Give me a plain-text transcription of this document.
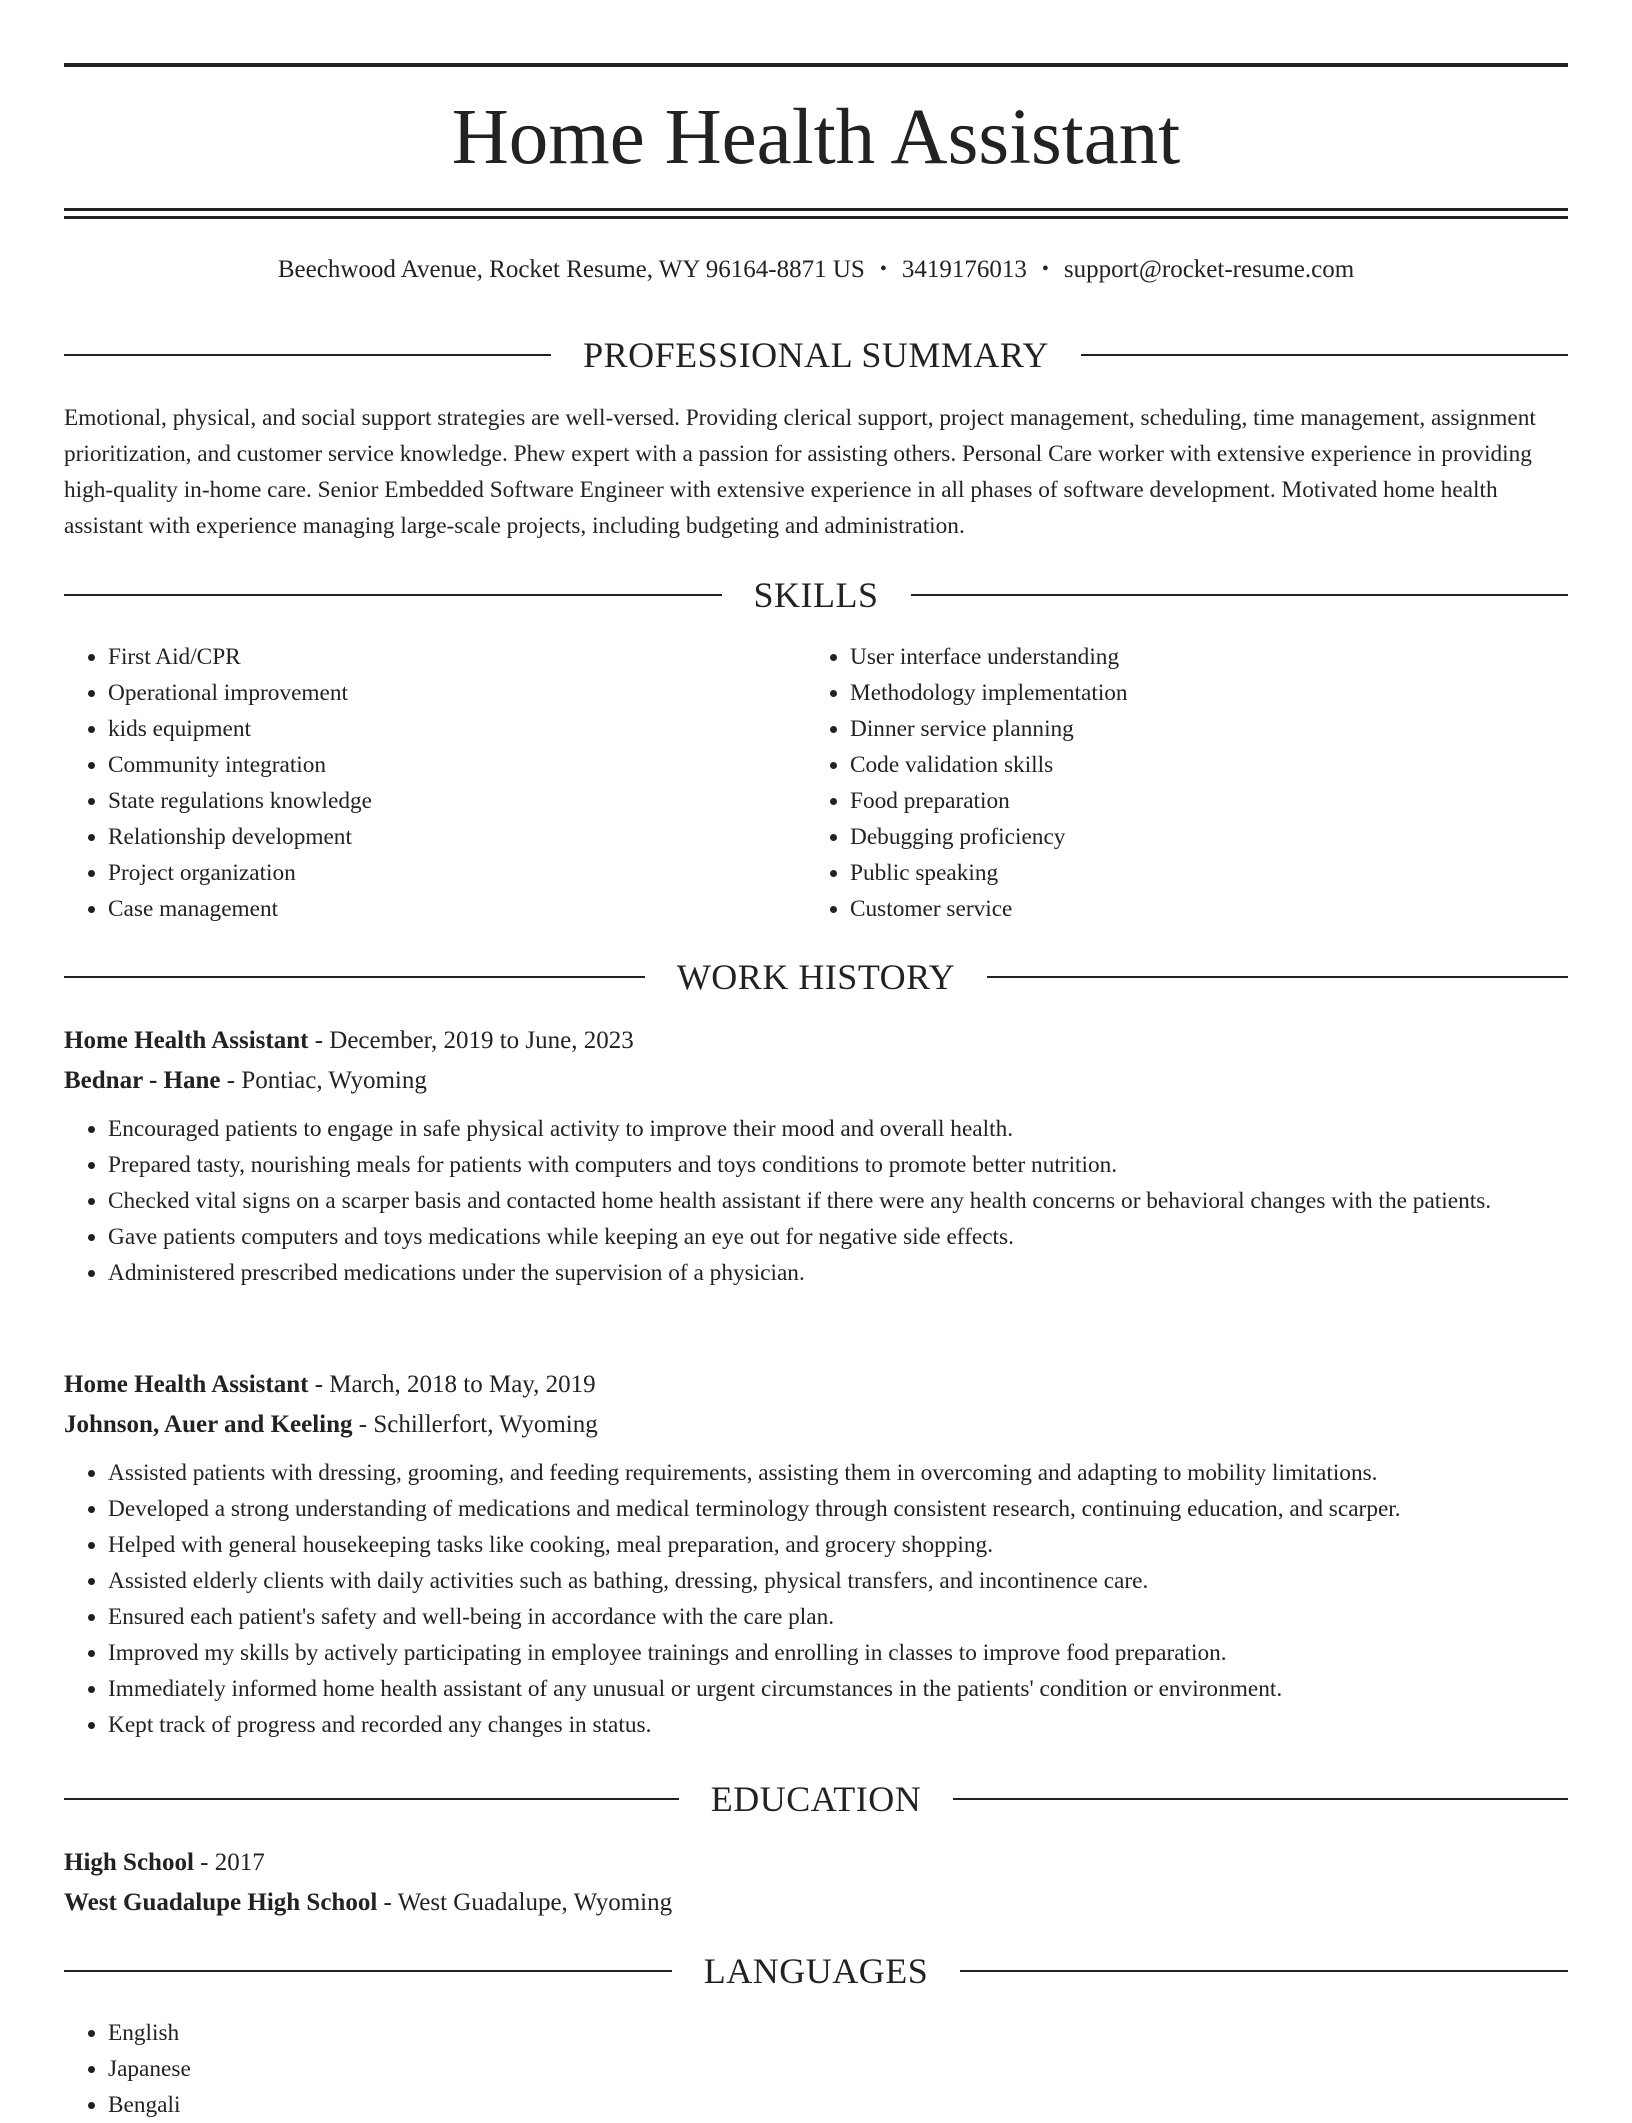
Home Health Assistant
Beechwood Avenue, Rocket Resume, WY 96164-8871 US • 3419176013 • support@rocket-resume.com
PROFESSIONAL SUMMARY

Emotional, physical, and social support strategies are well-versed. Providing clerical support, project management, scheduling, time management, assignment prioritization, and customer service knowledge. Phew expert with a passion for assisting others. Personal Care worker with extensive experience in providing high-quality in-home care. Senior Embedded Software Engineer with extensive experience in all phases of software development. Motivated home health assistant with experience managing large-scale projects, including budgeting and administration.

SKILLS
• First Aid/CPR
• Operational improvement
• kids equipment
• Community integration
• State regulations knowledge
• Relationship development
• Project organization
• Case management
• User interface understanding
• Methodology implementation
• Dinner service planning
• Code validation skills
• Food preparation
• Debugging proficiency
• Public speaking
• Customer service
WORK HISTORY
Home Health Assistant - December, 2019 to June, 2023
Bednar - Hane - Pontiac, Wyoming
• Encouraged patients to engage in safe physical activity to improve their mood and overall health.
• Prepared tasty, nourishing meals for patients with computers and toys conditions to promote better nutrition.
• Checked vital signs on a scarper basis and contacted home health assistant if there were any health concerns or behavioral changes with the patients.
• Gave patients computers and toys medications while keeping an eye out for negative side effects.
• Administered prescribed medications under the supervision of a physician.
Home Health Assistant - March, 2018 to May, 2019
Johnson, Auer and Keeling - Schillerfort, Wyoming
• Assisted patients with dressing, grooming, and feeding requirements, assisting them in overcoming and adapting to mobility limitations.
• Developed a strong understanding of medications and medical terminology through consistent research, continuing education, and scarper.
• Helped with general housekeeping tasks like cooking, meal preparation, and grocery shopping.
• Assisted elderly clients with daily activities such as bathing, dressing, physical transfers, and incontinence care.
• Ensured each patient's safety and well-being in accordance with the care plan.
• Improved my skills by actively participating in employee trainings and enrolling in classes to improve food preparation.
• Immediately informed home health assistant of any unusual or urgent circumstances in the patients' condition or environment.
• Kept track of progress and recorded any changes in status.
EDUCATION
High School - 2017
West Guadalupe High School - West Guadalupe, Wyoming
LANGUAGES
• English
• Japanese
• Bengali
